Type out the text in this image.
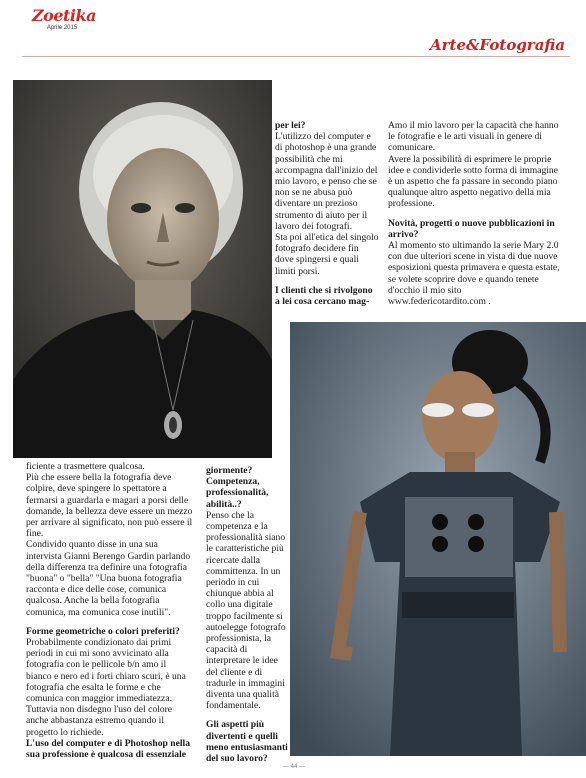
Zoetika
Aprile 2015
Arte&Fotografia

per lei?

L'utilizzo del computer e di photoshop è una grande possibilità che mi accompagna dall'inizio del mio lavoro, e penso che se non se ne abusa può diventare un prezioso strumento di aiuto per il lavoro dei fotografi.

Sta poi all'etica del singolo fotografo decidere fin dove spingersi e quali limiti porsi.

I clienti che si rivolgono a lei cosa cercano mag-

Amo il mio lavoro per la capacità che hanno le fotografie e le arti visuali in genere di comunicare.

Avere la possibilità di esprimere le proprie idee e condividerle sotto forma di immagine è un aspetto che fa passare in secondo piano qualunque altro aspetto negativo della mia professione.

Novità, progetti o nuove pubblicazioni in arrivo?

Al momento sto ultimando la serie Mary 2.0 con due ulteriori scene in vista di due nuove esposizioni questa primavera e questa estate, se volete scoprire dove e quando tenete d'occhio il mio sito www.federicotardito.com .

ficiente a trasmettere qualcosa.

Più che essere bella la fotografia deve colpire, deve spingere lo spettatore a fermarsi a guardarla e magari a porsi delle domande, la bellezza deve essere un mezzo per arrivare al significato, non può essere il fine.

Condivido quanto disse in una sua intervista Gianni Berengo Gardin parlando della differenza tra definire una fotografia "buona" o "bella" "Una buona fotografia racconta e dice delle cose, comunica qualcosa. Anche la bella fotografia comunica, ma comunica cose inutili".

Forme geometriche o colori preferiti?

Probabilmente condizionato dai primi periodi in cui mi sono avvicinato alla fotografia con le pellicole b/n amo il bianco e nero ed i forti chiaro scuri, è una fotografia che esalta le forme e che comunica con maggior immediatezza.

Tuttavia non disdegno l'uso del colore anche abbastanza estremo quando il progetto lo richiede.

L'uso del computer e di Photoshop nella sua professione è qualcosa di essenziale

giormente?

Competenza, professionalità, abilità..?

Penso che la competenza e la professionalità siano le caratteristiche più ricercate dalla committenza. In un periodo in cui chiunque abbia al collo una digitale troppo facilmente si autoelegge fotografo professionista, la capacità di interpretare le idee del cliente e di tradurle in immagini diventa una qualità fondamentale.

Gli aspetti più divertenti e quelli meno entusiasmanti del suo lavoro?

— 44 —
